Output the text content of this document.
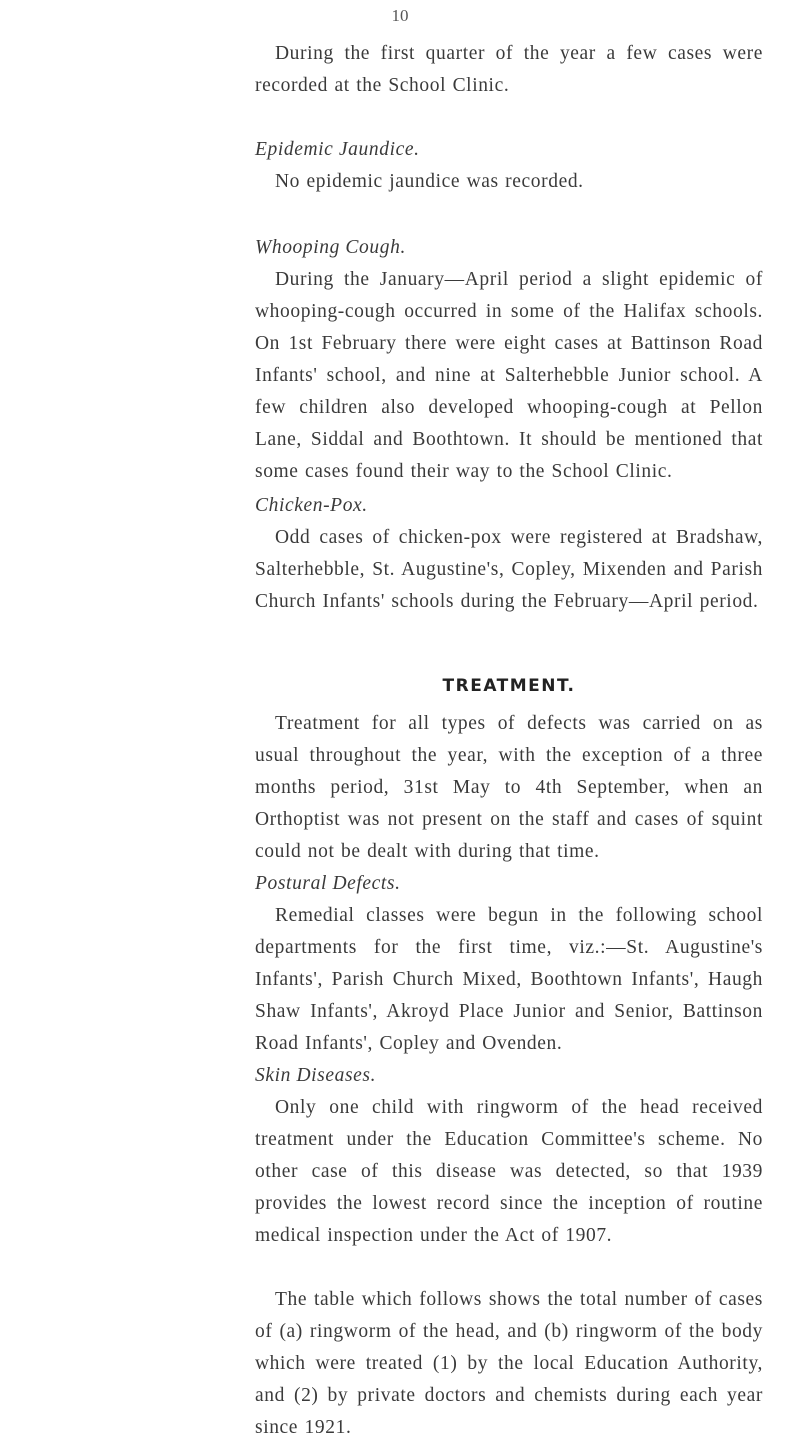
10

During the first quarter of the year a few cases were recorded at the School Clinic.

Epidemic Jaundice.

No epidemic jaundice was recorded.

Whooping Cough.

During the January—April period a slight epidemic of whooping-cough occurred in some of the Halifax schools. On 1st February there were eight cases at Battinson Road Infants' school, and nine at Salterhebble Junior school. A few children also developed whooping-cough at Pellon Lane, Siddal and Boothtown. It should be mentioned that some cases found their way to the School Clinic.

Chicken-Pox.

Odd cases of chicken-pox were registered at Bradshaw, Salterhebble, St. Augustine's, Copley, Mixenden and Parish Church Infants' schools during the February—April period.

TREATMENT.

Treatment for all types of defects was carried on as usual throughout the year, with the exception of a three months period, 31st May to 4th September, when an Orthoptist was not present on the staff and cases of squint could not be dealt with during that time.

Postural Defects.

Remedial classes were begun in the following school departments for the first time, viz.:—St. Augustine's Infants', Parish Church Mixed, Boothtown Infants', Haugh Shaw Infants', Akroyd Place Junior and Senior, Battinson Road Infants', Copley and Ovenden.

Skin Diseases.

Only one child with ringworm of the head received treatment under the Education Committee's scheme. No other case of this disease was detected, so that 1939 provides the lowest record since the inception of routine medical inspection under the Act of 1907.

The table which follows shows the total number of cases of (a) ringworm of the head, and (b) ringworm of the body which were treated (1) by the local Education Authority, and (2) by private doctors and chemists during each year since 1921.
